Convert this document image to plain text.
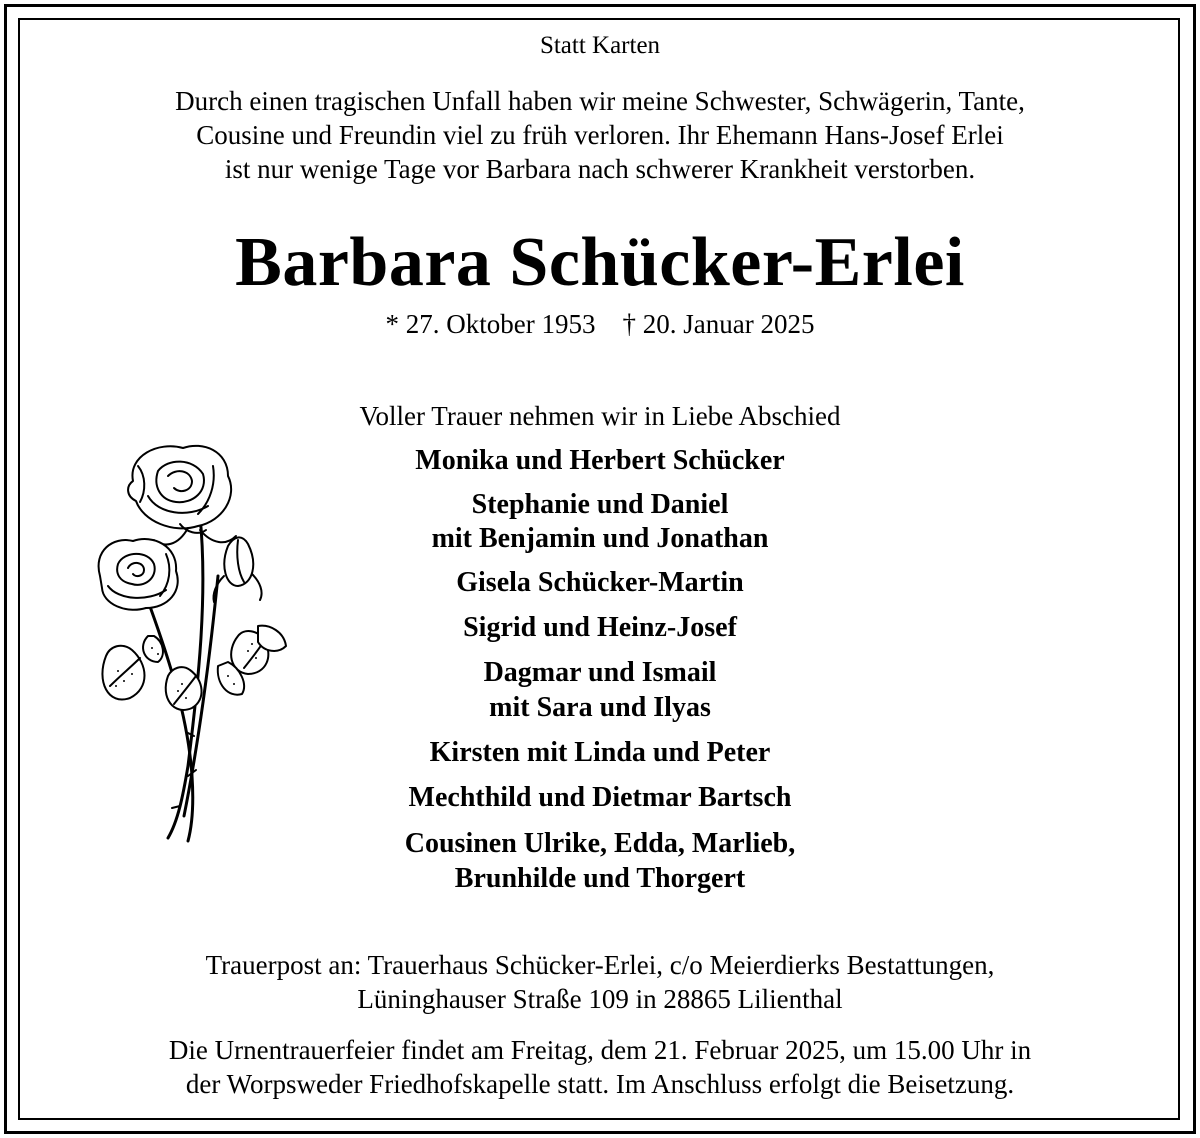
Statt Karten
Durch einen tragischen Unfall haben wir meine Schwester, Schwägerin, Tante,
Cousine und Freundin viel zu früh verloren. Ihr Ehemann Hans-Josef Erlei
ist nur wenige Tage vor Barbara nach schwerer Krankheit verstorben.
Barbara Schücker-Erlei
* 27. Oktober 1953    † 20. Januar 2025
Voller Trauer nehmen wir in Liebe Abschied
Monika und Herbert Schücker
Stephanie und Daniel
mit Benjamin und Jonathan
Gisela Schücker-Martin
Sigrid und Heinz-Josef
Dagmar und Ismail
mit Sara und Ilyas
Kirsten mit Linda und Peter
Mechthild und Dietmar Bartsch
Cousinen Ulrike, Edda, Marlieb,
Brunhilde und Thorgert
Trauerpost an: Trauerhaus Schücker-Erlei, c/o Meierdierks Bestattungen,
Lüninghauser Straße 109 in 28865 Lilienthal
Die Urnentrauerfeier findet am Freitag, dem 21. Februar 2025, um 15.00 Uhr in
der Worpsweder Friedhofskapelle statt. Im Anschluss erfolgt die Beisetzung.
